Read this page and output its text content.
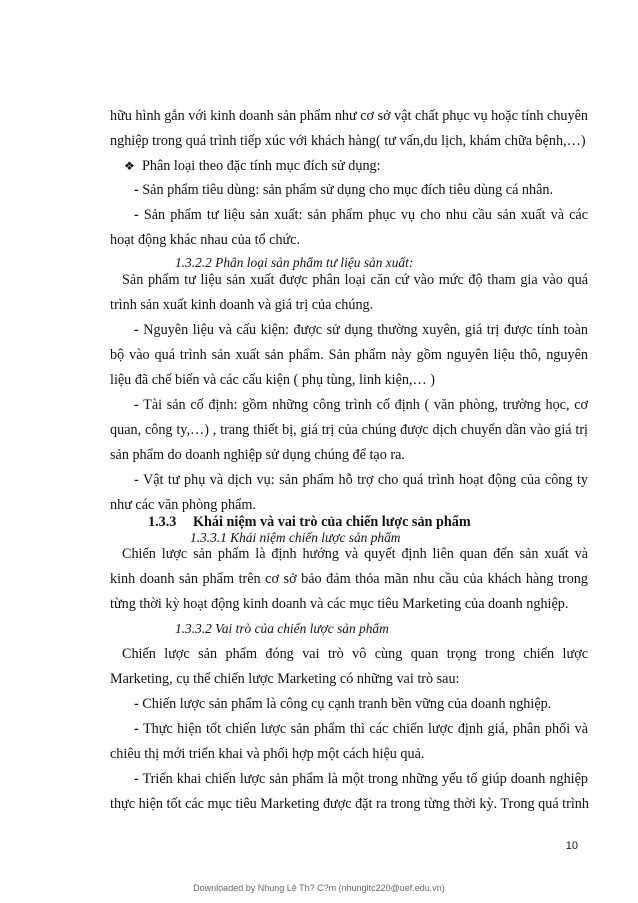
hữu hình gắn với kinh doanh sản phẩm như cơ sở vật chất phục vụ hoặc tính chuyên
nghiệp trong quá trình tiếp xúc với khách hàng( tư vấn,du lịch, khám chữa bệnh,…)
❖ Phân loại theo đặc tính mục đích sử dụng:
- Sản phẩm tiêu dùng: sản phẩm sử dụng cho mục đích tiêu dùng cá nhân.
- Sản phẩm tư liệu sản xuất: sản phẩm phục vụ cho nhu cầu sản xuất và các
hoạt động khác nhau của tổ chức.
1.3.2.2 Phân loại sản phẩm tư liệu sản xuất:
Sản phẩm tư liệu sản xuất được phân loại căn cứ vào mức độ tham gia vào quá
trình sản xuất kinh doanh và giá trị của chúng.
- Nguyên liệu và cấu kiện: được sử dụng thường xuyên, giá trị được tính toàn
bộ vào quá trình sản xuất sản phẩm. Sản phẩm này gồm nguyên liệu thô, nguyên
liệu đã chế biến và các cấu kiện ( phụ tùng, linh kiện,… )
- Tài sản cố định: gồm những công trình cố định ( văn phòng, trường học, cơ
quan, công ty,…) , trang thiết bị, giá trị của chúng được dịch chuyển dần vào giá trị
sản phẩm do doanh nghiệp sử dụng chúng để tạo ra.
- Vật tư phụ và dịch vụ: sản phẩm hỗ trợ cho quá trình hoạt động của công ty
như các văn phòng phẩm.
1.3.3 Khái niệm và vai trò của chiến lược sản phẩm
1.3.3.1 Khái niệm chiến lược sản phẩm
Chiến lược sản phẩm là định hướng và quyết định liên quan đến sản xuất và
kinh doanh sản phẩm trên cơ sở bảo đảm thỏa mãn nhu cầu của khách hàng trong
từng thời kỳ hoạt động kinh doanh và các mục tiêu Marketing của doanh nghiệp.
1.3.3.2 Vai trò của chiến lược sản phẩm
Chiến lược sản phẩm đóng vai trò vô cùng quan trọng trong chiến lược
Marketing, cụ thể chiến lược Marketing có những vai trò sau:
- Chiến lược sản phẩm là công cụ cạnh tranh bền vững của doanh nghiệp.
- Thực hiện tốt chiến lược sản phẩm thì các chiến lược định giá, phân phối và
chiêu thị mới triển khai và phối hợp một cách hiệu quả.
- Triển khai chiến lược sản phẩm là một trong những yếu tố giúp doanh nghiệp
thực hiện tốt các mục tiêu Marketing được đặt ra trong từng thời kỳ. Trong quá trình
10
Downloaded by Nhung Lê Th? C?m (nhungltc220@uef.edu.vn)
